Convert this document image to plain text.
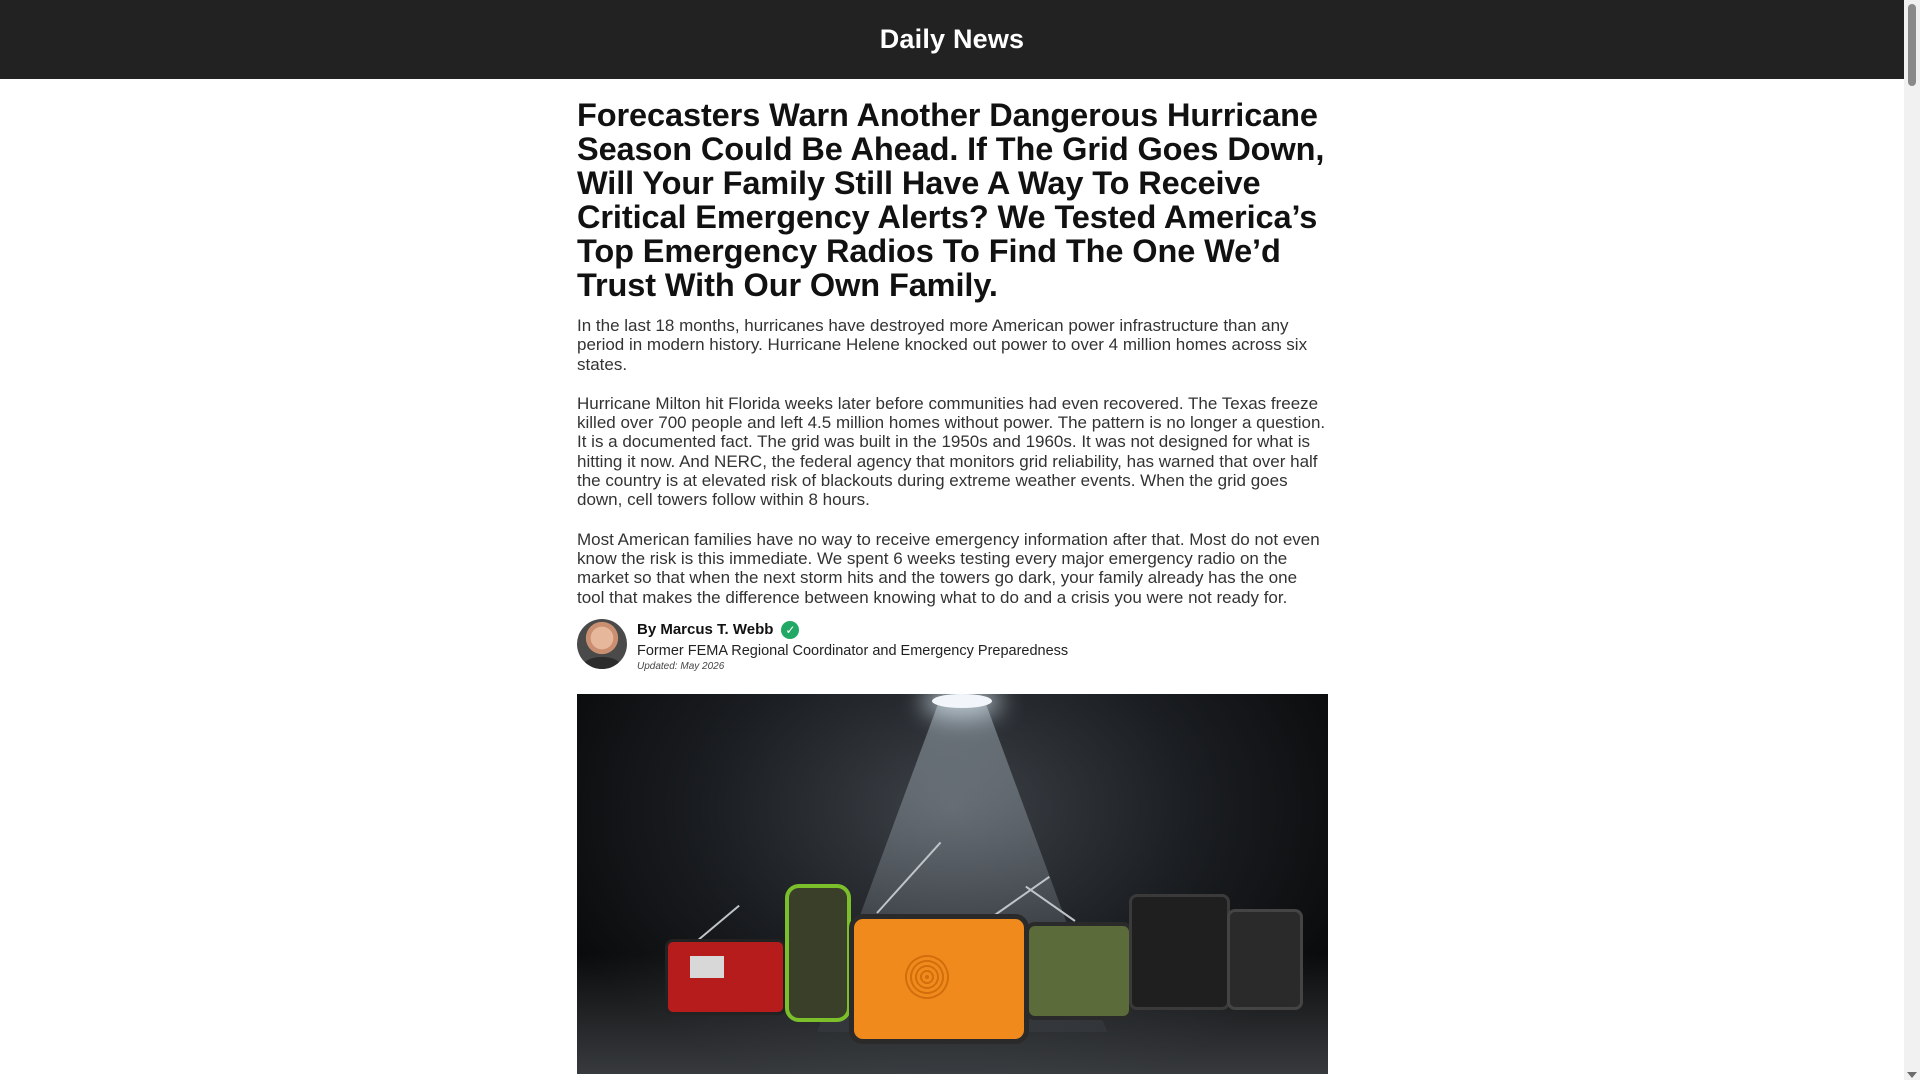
Daily News
Forecasters Warn Another Dangerous Hurricane Season Could Be Ahead. If The Grid Goes Down, Will Your Family Still Have A Way To Receive Critical Emergency Alerts? We Tested America’s Top Emergency Radios To Find The One We’d Trust With Our Own Family.

In the last 18 months, hurricanes have destroyed more American power infrastructure than any period in modern history. Hurricane Helene knocked out power to over 4 million homes across six states.

Hurricane Milton hit Florida weeks later before communities had even recovered. The Texas freeze killed over 700 people and left 4.5 million homes without power. The pattern is no longer a question. It is a documented fact. The grid was built in the 1950s and 1960s. It was not designed for what is hitting it now. And NERC, the federal agency that monitors grid reliability, has warned that over half the country is at elevated risk of blackouts during extreme weather events. When the grid goes down, cell towers follow within 8 hours.

Most American families have no way to receive emergency information after that. Most do not even know the risk is this immediate. We spent 6 weeks testing every major emergency radio on the market so that when the next storm hits and the towers go dark, your family already has the one tool that makes the difference between knowing what to do and a crisis you were not ready for.

By Marcus T. Webb ✓
Former FEMA Regional Coordinator and Emergency Preparedness
Updated: May 2026
